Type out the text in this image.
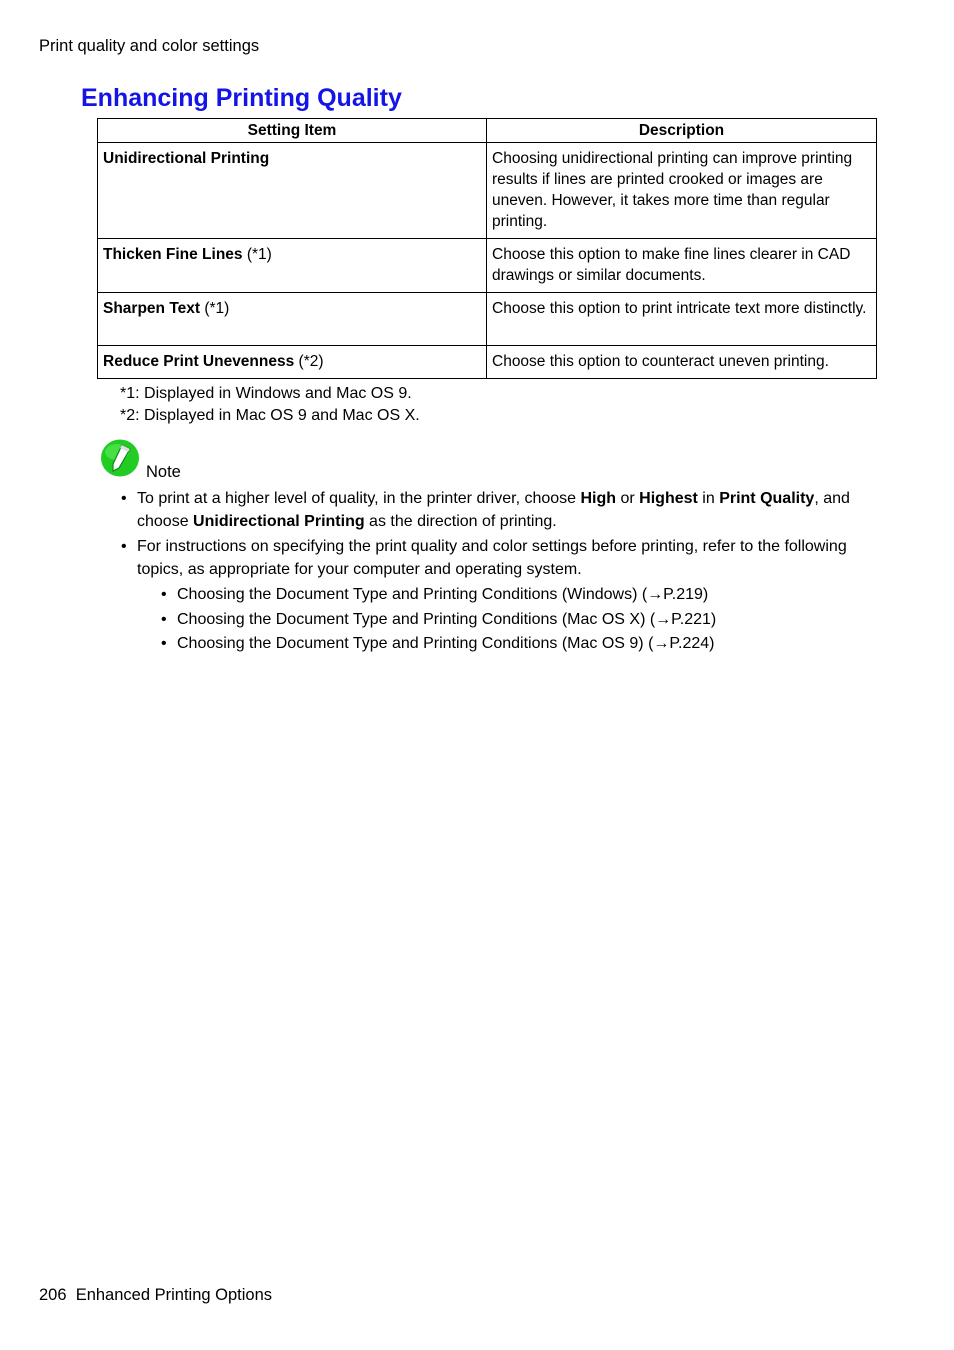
Print quality and color settings
Enhancing Printing Quality
Setting Item	Description
Unidirectional Printing	Choosing unidirectional printing can improve printing results if lines are printed crooked or images are uneven. However, it takes more time than regular printing.
Thicken Fine Lines (*1)	Choose this option to make fine lines clearer in CAD drawings or similar documents.
Sharpen Text (*1)	Choose this option to print intricate text more distinctly.
Reduce Print Unevenness (*2)	Choose this option to counteract uneven printing.
*1: Displayed in Windows and Mac OS 9.
*2: Displayed in Mac OS 9 and Mac OS X.
Note
• To print at a higher level of quality, in the printer driver, choose High or Highest in Print Quality, and choose Unidirectional Printing as the direction of printing.
• For instructions on specifying the print quality and color settings before printing, refer to the following topics, as appropriate for your computer and operating system.
• Choosing the Document Type and Printing Conditions (Windows) (→P.219)
• Choosing the Document Type and Printing Conditions (Mac OS X) (→P.221)
• Choosing the Document Type and Printing Conditions (Mac OS 9) (→P.224)
206 Enhanced Printing Options
